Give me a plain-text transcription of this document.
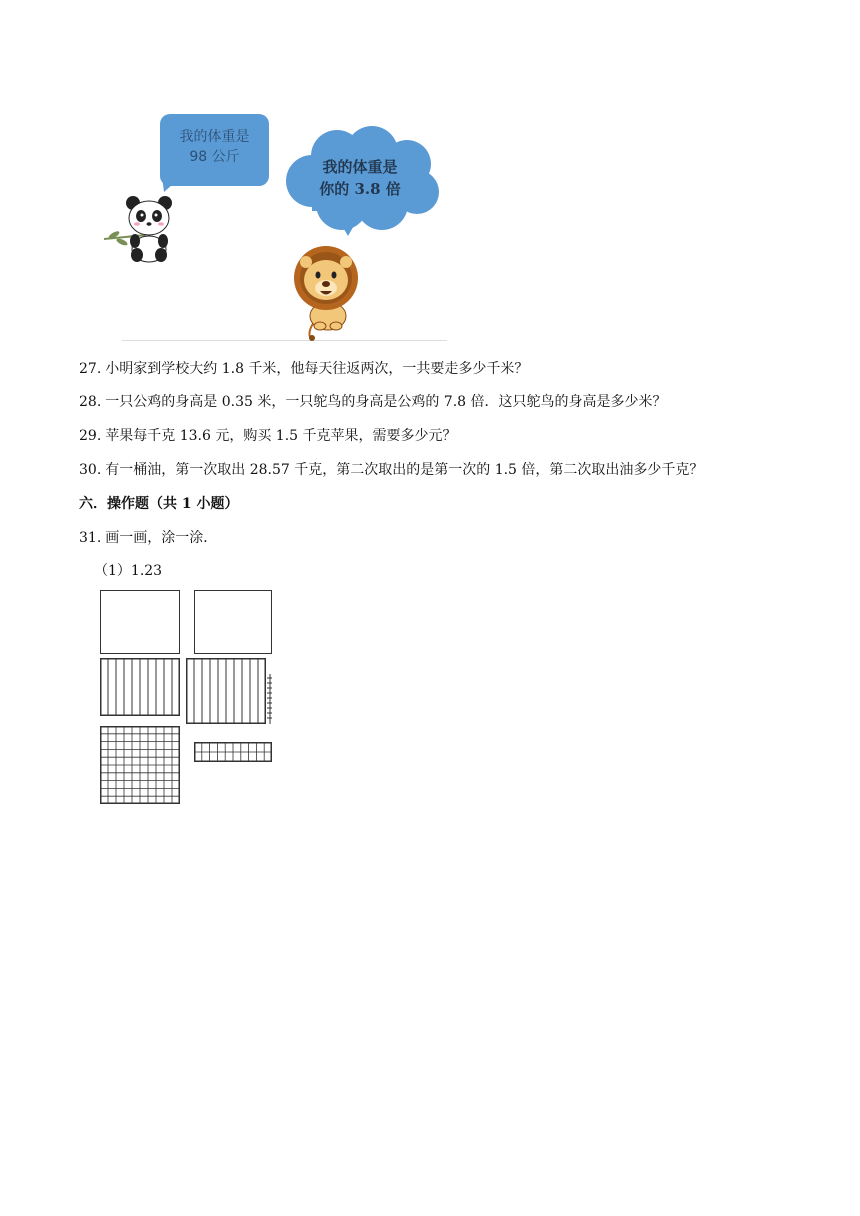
我的体重是
98 公斤
我的体重是
你的 3.8 倍
27. 小明家到学校大约 1.8 千米，他每天往返两次，一共要走多少千米？
28. 一只公鸡的身高是 0.35 米，一只鸵鸟的身高是公鸡的 7.8 倍．这只鸵鸟的身高是多少米？
29. 苹果每千克 13.6 元，购买 1.5 千克苹果，需要多少元？
30. 有一桶油，第一次取出 28.57 千克，第二次取出的是第一次的 1.5 倍，第二次取出油多少千克？
六．操作题（共 1 小题）
31. 画一画，涂一涂．
（1）1.23
